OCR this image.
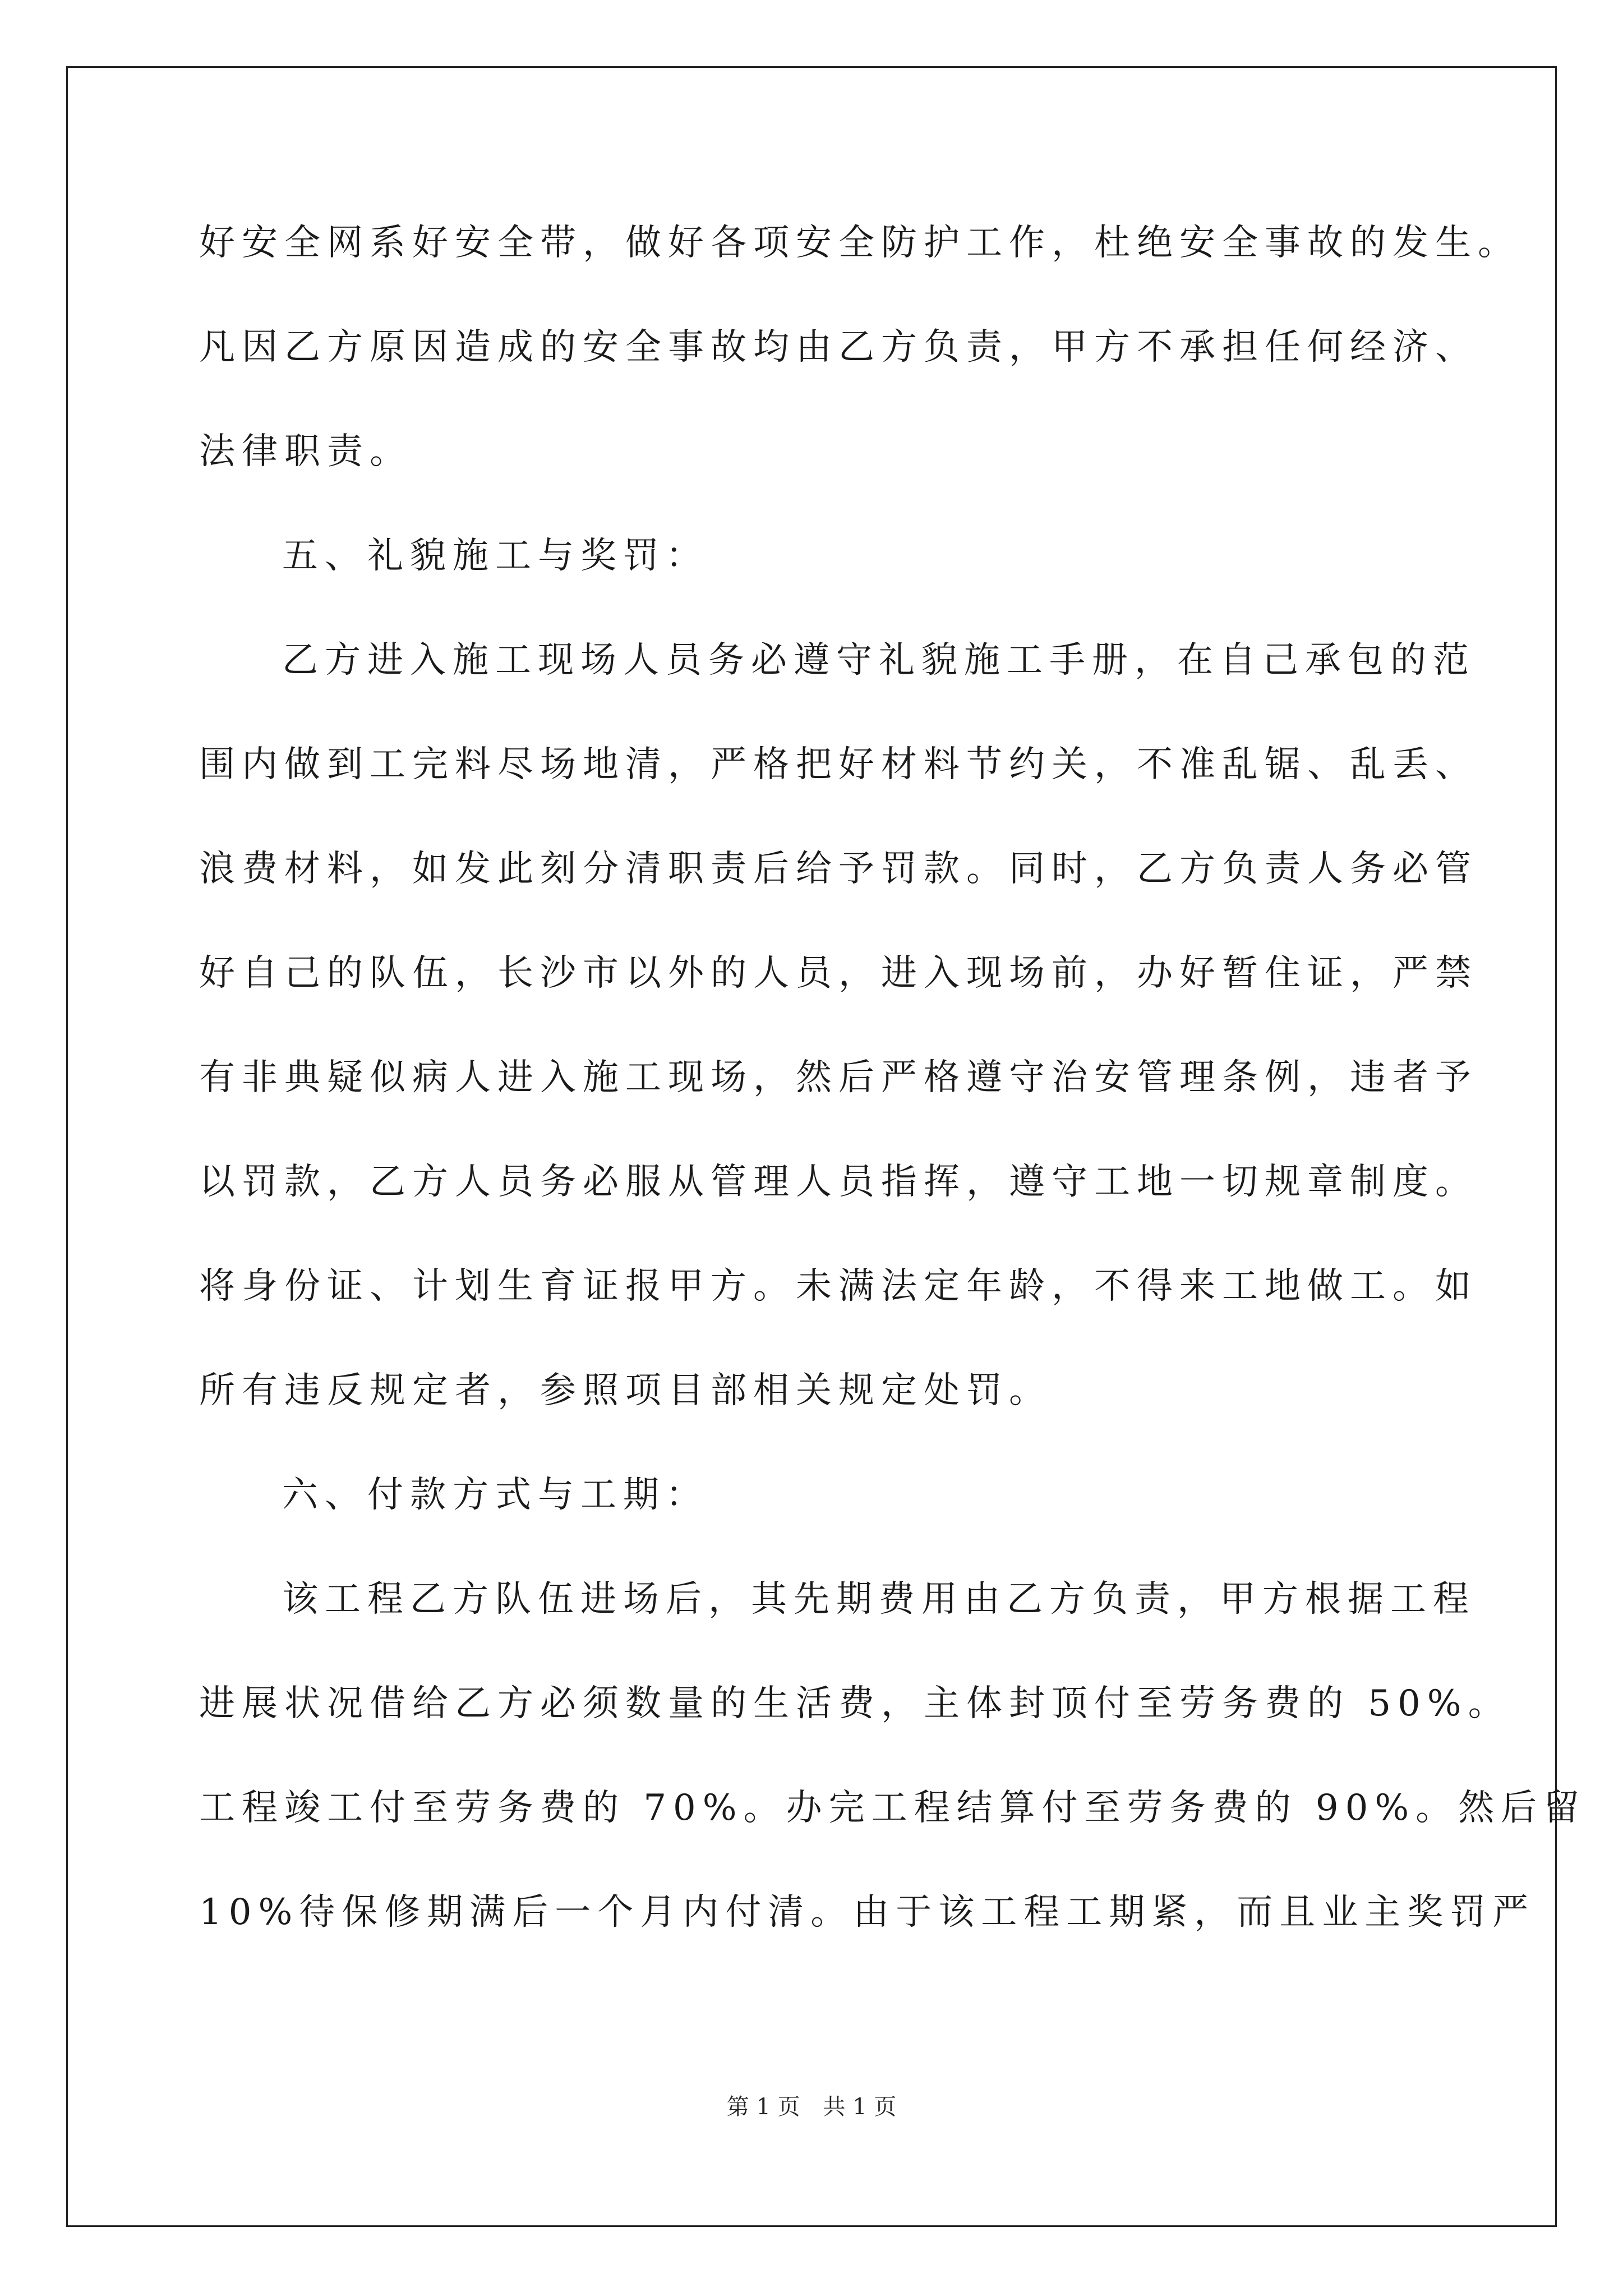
好安全网系好安全带，做好各项安全防护工作，杜绝安全事故的发生。
凡因乙方原因造成的安全事故均由乙方负责，甲方不承担任何经济、
法律职责。
五、礼貌施工与奖罚：
乙方进入施工现场人员务必遵守礼貌施工手册，在自己承包的范
围内做到工完料尽场地清，严格把好材料节约关，不准乱锯、乱丢、
浪费材料，如发此刻分清职责后给予罚款。同时，乙方负责人务必管
好自己的队伍，长沙市以外的人员，进入现场前，办好暂住证，严禁
有非典疑似病人进入施工现场，然后严格遵守治安管理条例，违者予
以罚款，乙方人员务必服从管理人员指挥，遵守工地一切规章制度。
将身份证、计划生育证报甲方。未满法定年龄，不得来工地做工。如
所有违反规定者，参照项目部相关规定处罚。
六、付款方式与工期：
该工程乙方队伍进场后，其先期费用由乙方负责，甲方根据工程
进展状况借给乙方必须数量的生活费，主体封顶付至劳务费的 50%。
工程竣工付至劳务费的 70%。办完工程结算付至劳务费的 90%。然后留
10%待保修期满后一个月内付清。由于该工程工期紧，而且业主奖罚严
第 1 页 共 1 页
